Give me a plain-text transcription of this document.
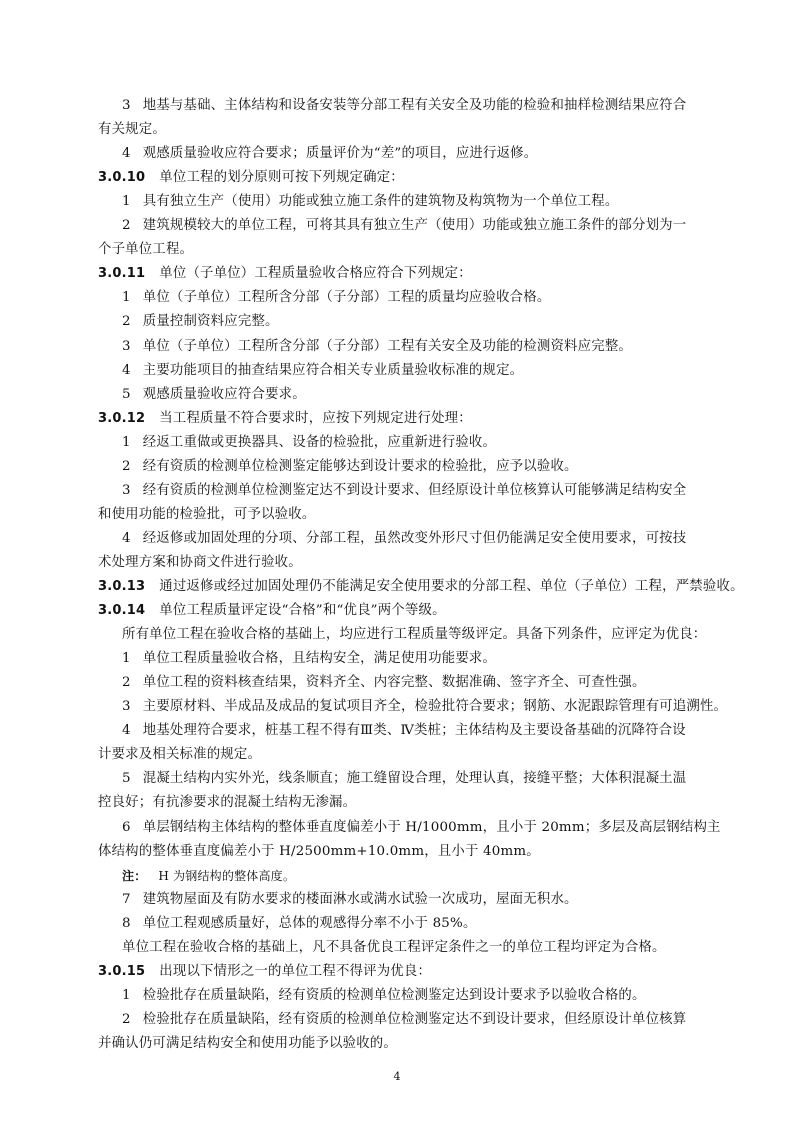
3 地基与基础、主体结构和设备安装等分部工程有关安全及功能的检验和抽样检测结果应符合
有关规定。
4 观感质量验收应符合要求；质量评价为“差”的项目，应进行返修。
3.0.10 单位工程的划分原则可按下列规定确定：
1 具有独立生产（使用）功能或独立施工条件的建筑物及构筑物为一个单位工程。
2 建筑规模较大的单位工程，可将其具有独立生产（使用）功能或独立施工条件的部分划为一
个子单位工程。
3.0.11 单位（子单位）工程质量验收合格应符合下列规定：
1 单位（子单位）工程所含分部（子分部）工程的质量均应验收合格。
2 质量控制资料应完整。
3 单位（子单位）工程所含分部（子分部）工程有关安全及功能的检测资料应完整。
4 主要功能项目的抽查结果应符合相关专业质量验收标准的规定。
5 观感质量验收应符合要求。
3.0.12 当工程质量不符合要求时，应按下列规定进行处理：
1 经返工重做或更换器具、设备的检验批，应重新进行验收。
2 经有资质的检测单位检测鉴定能够达到设计要求的检验批，应予以验收。
3 经有资质的检测单位检测鉴定达不到设计要求、但经原设计单位核算认可能够满足结构安全
和使用功能的检验批，可予以验收。
4 经返修或加固处理的分项、分部工程，虽然改变外形尺寸但仍能满足安全使用要求，可按技
术处理方案和协商文件进行验收。
3.0.13 通过返修或经过加固处理仍不能满足安全使用要求的分部工程、单位（子单位）工程，严禁验收。
3.0.14 单位工程质量评定设“合格”和“优良”两个等级。
所有单位工程在验收合格的基础上，均应进行工程质量等级评定。具备下列条件，应评定为优良：
1 单位工程质量验收合格，且结构安全，满足使用功能要求。
2 单位工程的资料核查结果，资料齐全、内容完整、数据准确、签字齐全、可查性强。
3 主要原材料、半成品及成品的复试项目齐全，检验批符合要求；钢筋、水泥跟踪管理有可追溯性。
4 地基处理符合要求，桩基工程不得有Ⅲ类、Ⅳ类桩；主体结构及主要设备基础的沉降符合设
计要求及相关标准的规定。
5 混凝土结构内实外光，线条顺直；施工缝留设合理，处理认真，接缝平整；大体积混凝土温
控良好；有抗渗要求的混凝土结构无渗漏。
6 单层钢结构主体结构的整体垂直度偏差小于 H/1000mm，且小于 20mm；多层及高层钢结构主
体结构的整体垂直度偏差小于 H/2500mm+10.0mm，且小于 40mm。
注： H 为钢结构的整体高度。
7 建筑物屋面及有防水要求的楼面淋水或满水试验一次成功，屋面无积水。
8 单位工程观感质量好，总体的观感得分率不小于 85%。
单位工程在验收合格的基础上，凡不具备优良工程评定条件之一的单位工程均评定为合格。
3.0.15 出现以下情形之一的单位工程不得评为优良：
1 检验批存在质量缺陷，经有资质的检测单位检测鉴定达到设计要求予以验收合格的。
2 检验批存在质量缺陷，经有资质的检测单位检测鉴定达不到设计要求，但经原设计单位核算
并确认仍可满足结构安全和使用功能予以验收的。
4
